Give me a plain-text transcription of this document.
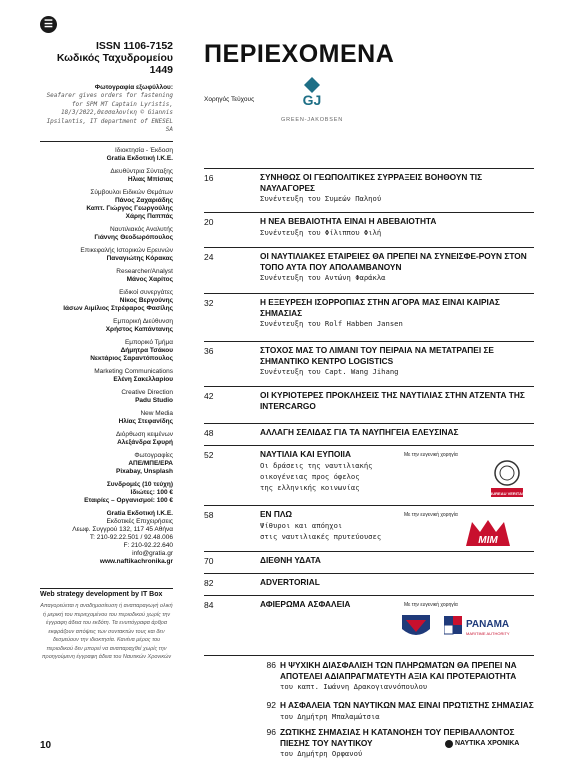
☰
ISSN 1106-7152
Κωδικός Ταχυδρομείου
1449
Φωτογραφία εξωφύλλου:
Seafarer gives orders for fastening for SPM MT Captain Lyristis, 18/3/2022,Θεσσαλονίκη © Giannis Ipsilantis, IT department of ENESEL SA
Ιδιοκτησία - Έκδοση
Gratia Εκδοτική Ι.Κ.Ε.
Διευθύντρια Σύνταξης
Ηλιας Μπίσιας
Σύμβουλοι Ειδικών Θεμάτων
Πάνος Ζαχαριάδης
Καπτ. Γιώργος Γεωργούλης
Χάρης Παππάς
Ναυτιλιακός Αναλυτής
Γιάννης Θεοδωρόπουλος
Επικεφαλής Ιστορικών Ερευνών
Παναγιώτης Κόρακας
Researcher/Analyst
Μάνος Χαρίτος
Ειδικοί συνεργάτες
Νίκος Βεργούνης
Ιάσων Αιμίλιος Στρέφαρος Φασίλης
Εμπορική Διεύθυνση
Χρήστος Καπάντανης
Εμπορικό Τμήμα
Δήμητρα Τσάκου
Νεκτάριος Σαραντόπουλος
Marketing Communications
Ελένη Σακελλαρίου
Creative Direction
Padu Studio
New Media
Ηλίας Στεφανίδης
Διόρθωση κειμένων
Αλεξάνδρα Σφυρή
Φωτογραφίες
ΑΠΕ/ΜΠΕ/EPA
Pixabay, Unsplash
Συνδρομές (10 τεύχη)
Ιδιώτες: 100 €
Εταιρίες – Οργανισμοί: 100 €
Gratia Εκδοτική Ι.Κ.Ε.
Εκδοτικές Επιχειρήσεις
Λεωφ. Συγγρού 132, 117 45 Αθήνα
T: 210-92.22.501 / 92.48.006
F: 210-92.22.640
info@gratia.gr
www.naftikachronika.gr
Web strategy development by IT Box
Απαγορεύεται η αναδημοσίευση ή αναπαραγωγή ολική ή μερική του περιεχομένου του περιοδικού χωρίς την έγγραφη άδεια του εκδότη. Τα ενυπόγραφα άρθρα εκφράζουν απόψεις των συντακτών τους και δεν δεσμεύουν την ιδιοκτησία. Κανένα μέρος του περιοδικού δεν μπορεί να αναπαραχθεί χωρίς την προηγούμενη έγγραφη άδεια του Ναυτικών Χρονικών
ΠΕΡΙΕΧΟΜΕΝΑ
Χορηγός Τεύχους	GJ
GREEN-JAKOBSEN
16	ΣΥΝΗΘΩΣ ΟΙ ΓΕΩΠΟΛΙΤΙΚΕΣ ΣΥΡΡΑΞΕΙΣ ΒΟΗΘΟΥΝ ΤΙΣ ΝΑΥΛΑΓΟΡΕΣ
Συνέντευξη του Συμεών Παληού
20	Η ΝΕΑ ΒΕΒΑΙΟΤΗΤΑ ΕΙΝΑΙ Η ΑΒΕΒΑΙΟΤΗΤΑ
Συνέντευξη του Φίλιππου Φιλή
24	ΟΙ ΝΑΥΤΙΛΙΑΚΕΣ ΕΤΑΙΡΕΙΕΣ ΘΑ ΠΡΕΠΕΙ ΝΑ ΣΥΝΕΙΣΦΕ-ΡΟΥΝ ΣΤΟΝ ΤΟΠΟ ΑΥΤΑ ΠΟΥ ΑΠΟΛΑΜΒΑΝΟΥΝ
Συνέντευξη του Αντώνη Φαράκλα
32	Η ΕΞΕΥΡΕΣΗ ΙΣΟΡΡΟΠΙΑΣ ΣΤΗΝ ΑΓΟΡΑ ΜΑΣ ΕΙΝΑΙ ΚΑΙΡΙΑΣ ΣΗΜΑΣΙΑΣ
Συνέντευξη του Rolf Habben Jansen
36	ΣΤΟΧΟΣ ΜΑΣ ΤΟ ΛΙΜΑΝΙ ΤΟΥ ΠΕΙΡΑΙΑ ΝΑ ΜΕΤΑΤΡΑΠΕΙ ΣΕ ΣΗΜΑΝΤΙΚΟ ΚΕΝΤΡΟ LOGISTICS
Συνέντευξη του Capt. Wang Jihang
42	ΟΙ ΚΥΡΙΟΤΕΡΕΣ ΠΡΟΚΛΗΣΕΙΣ ΤΗΣ ΝΑΥΤΙΛΙΑΣ ΣΤΗΝ ΑΤΖΕΝΤΑ ΤΗΣ INTERCARGO
48	ΑΛΛΑΓΗ ΣΕΛΙΔΑΣ ΓΙΑ ΤΑ ΝΑΥΠΗΓΕΙΑ ΕΛΕΥΣΙΝΑΣ
52	ΝΑΥΤΙΛΙΑ ΚΑΙ ΕΥΠΟΙΙΑ
Οι δράσεις της ναυτιλιακής
οικογένειας προς όφελος
της ελληνικής κοινωνίας
Με την ευγενική χορηγία
BUREAU VERITAS
58	ΕΝ ΠΛΩ
Ψίθυροι και απόηχοι
στις ναυτιλιακές πρυτεύουσες
Με την ευγενική χορηγία
MIM
70	ΔΙΕΘΝΗ ΥΔΑΤΑ
82	ADVERTORIAL
84	ΑΦΙΕΡΩΜΑ ΑΣΦΑΛΕΙΑ	Με την ευγενική χορηγία
PANAMA
MARITIME AUTHORITY
86 Η ΨΥΧΙΚΗ ΔΙΑΣΦΑΛΙΣΗ ΤΩΝ ΠΛΗΡΩΜΑΤΩΝ ΘΑ ΠΡΕΠΕΙ ΝΑ ΑΠΟΤΕΛΕΙ ΑΔΙΑΠΡΑΓΜΑΤΕΥΤΗ ΑΞΙΑ ΚΑΙ ΠΡΟΤΕΡΑΙΟΤΗΤΑ
του καπτ. Ιωάννη Δρακογιαννόπουλου
92 Η ΑΣΦΑΛΕΙΑ ΤΩΝ ΝΑΥΤΙΚΩΝ ΜΑΣ ΕΙΝΑΙ ΠΡΩΤΙΣΤΗΣ ΣΗΜΑΣΙΑΣ
του Δημήτρη Μπαλαμώτσια
96 ΖΩΤΙΚΗΣ ΣΗΜΑΣΙΑΣ Η ΚΑΤΑΝΟΗΣΗ ΤΟΥ ΠΕΡΙΒΑΛΛΟΝΤΟΣ ΠΙΕΣΗΣ ΤΟΥ ΝΑΥΤΙΚΟΥ
του Δημήτρη Ορφανού
10	ΝΑΥΤΙΚΑ ΧΡΟΝΙΚΑ
